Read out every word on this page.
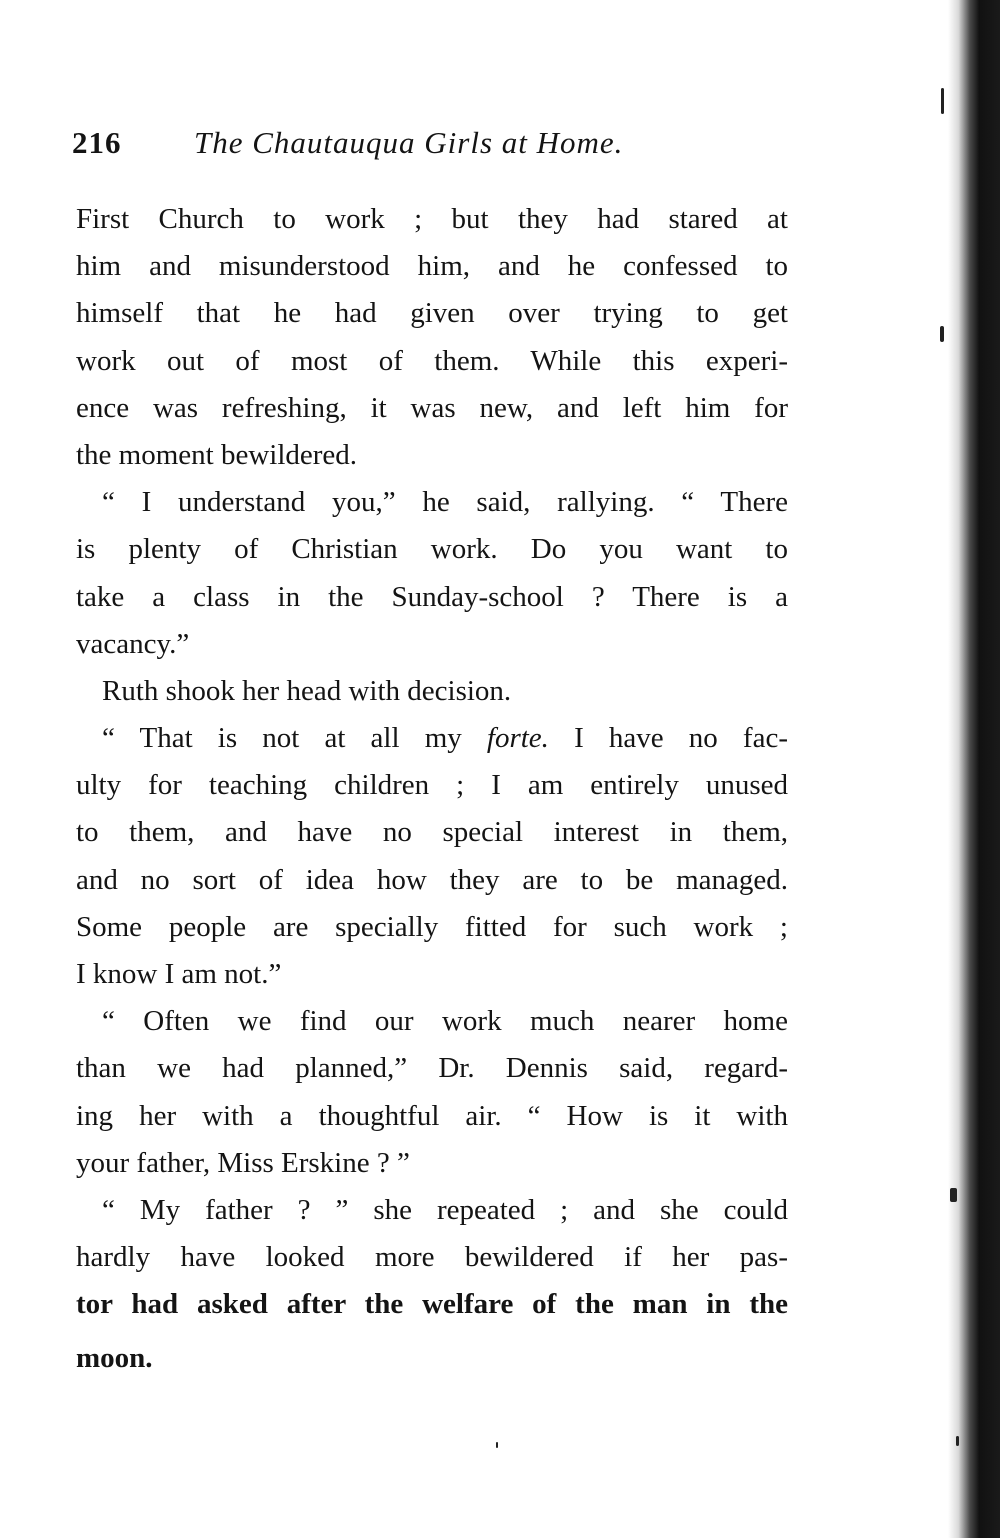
216 The Chautauqua Girls at Home.
First Church to work ; but they had stared at
him and misunderstood him, and he confessed to
himself that he had given over trying to get
work out of most of them. While this experi-
ence was refreshing, it was new, and left him for
the moment bewildered.
“ I understand you,” he said, rallying. “ There
is plenty of Christian work. Do you want to
take a class in the Sunday-school ? There is a
vacancy.”
Ruth shook her head with decision.
“ That is not at all my forte. I have no fac-
ulty for teaching children ; I am entirely unused
to them, and have no special interest in them,
and no sort of idea how they are to be managed.
Some people are specially fitted for such work ;
I know I am not.”
“ Often we find our work much nearer home
than we had planned,” Dr. Dennis said, regard-
ing her with a thoughtful air. “ How is it with
your father, Miss Erskine ? ”
“ My father ? ” she repeated ; and she could
hardly have looked more bewildered if her pas-
tor had asked after the welfare of the man in the
moon.
